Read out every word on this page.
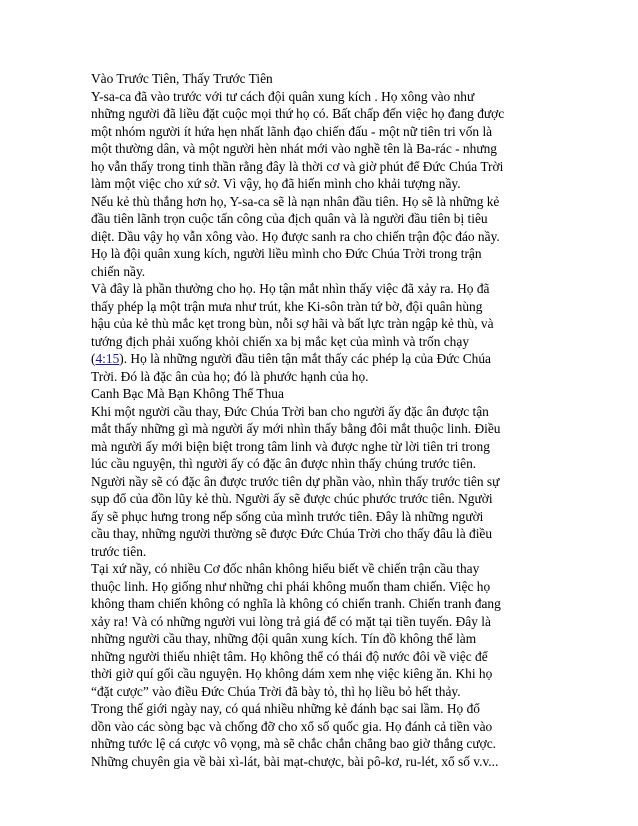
Vào Trước Tiên, Thấy Trước Tiên
Y-sa-ca đã vào trước với tư cách đội quân xung kích . Họ xông vào như
những người đã liều đặt cuộc mọi thứ họ có. Bất chấp đến việc họ đang được
một nhóm người ít hứa hẹn nhất lãnh đạo chiến đấu - một nữ tiên tri vốn là
một thường dân, và một người hèn nhát mới vào nghề tên là Ba-rác - nhưng
họ vẫn thấy trong tinh thần rằng đây là thời cơ và giờ phút để Đức Chúa Trời
làm một việc cho xứ sở. Vì vậy, họ đã hiến mình cho khải tượng nầy.
Nếu kẻ thù thắng hơn họ, Y-sa-ca sẽ là nạn nhân đầu tiên. Họ sẽ là những kẻ
đầu tiên lãnh trọn cuộc tấn công của địch quân và là người đầu tiên bị tiêu
diệt. Dầu vậy họ vẫn xông vào. Họ được sanh ra cho chiến trận độc đáo nầy.
Họ là đội quân xung kích, người liều mình cho Đức Chúa Trời trong trận
chiến nầy.
Và đây là phần thưởng cho họ. Họ tận mắt nhìn thấy việc đã xảy ra. Họ đã
thấy phép lạ một trận mưa như trút, khe Ki-sôn tràn tứ bờ, đội quân hùng
hậu của kẻ thù mắc kẹt trong bùn, nỗi sợ hãi và bất lực tràn ngập kẻ thù, và
tướng địch phải xuống khỏi chiến xa bị mắc kẹt của mình và trốn chạy
(4:15). Họ là những người đầu tiên tận mắt thấy các phép lạ của Đức Chúa
Trời. Đó là đặc ân của họ; đó là phước hạnh của họ.
Canh Bạc Mà Bạn Không Thể Thua
Khi một người cầu thay, Đức Chúa Trời ban cho người ấy đặc ân được tận
mắt thấy những gì mà người ấy mới nhìn thấy bằng đôi mắt thuộc linh. Điều
mà người ấy mới biện biệt trong tâm linh và được nghe từ lời tiên tri trong
lúc cầu nguyện, thì người ấy có đặc ân được nhìn thấy chúng trước tiên.
Người nầy sẽ có đặc ân được trước tiên dự phần vào, nhìn thấy trước tiên sự
sụp đổ của đồn lũy kẻ thù. Người ấy sẽ được chúc phước trước tiên. Người
ấy sẽ phục hưng trong nếp sống của mình trước tiên. Đây là những người
cầu thay, những người thường sẽ được Đức Chúa Trời cho thấy đâu là điều
trước tiên.
Tại xứ nầy, có nhiều Cơ đốc nhân không hiểu biết về chiến trận cầu thay
thuộc linh. Họ giống như những chi phái không muốn tham chiến. Việc họ
không tham chiến không có nghĩa là không có chiến tranh. Chiến tranh đang
xảy ra! Và có những người vui lòng trả giá để có mặt tại tiền tuyến. Đây là
những người cầu thay, những đội quân xung kích. Tín đồ không thể làm
những người thiếu nhiệt tâm. Họ không thể có thái độ nước đôi về việc để
thời giờ quí gối cầu nguyện. Họ không dám xem nhẹ việc kiêng ăn. Khi họ
“đặt cược” vào điều Đức Chúa Trời đã bày tỏ, thì họ liều bỏ hết thảy.
Trong thế giới ngày nay, có quá nhiều những kẻ đánh bạc sai lầm. Họ đổ
dồn vào các sòng bạc và chống đỡ cho xổ số quốc gia. Họ đánh cả tiền vào
những tước lệ cá cược vô vọng, mà sẽ chắc chắn chẳng bao giờ thắng cược.
Những chuyên gia về bài xì-lát, bài mạt-chược, bài pô-kơ, ru-lét, xổ số v.v...
